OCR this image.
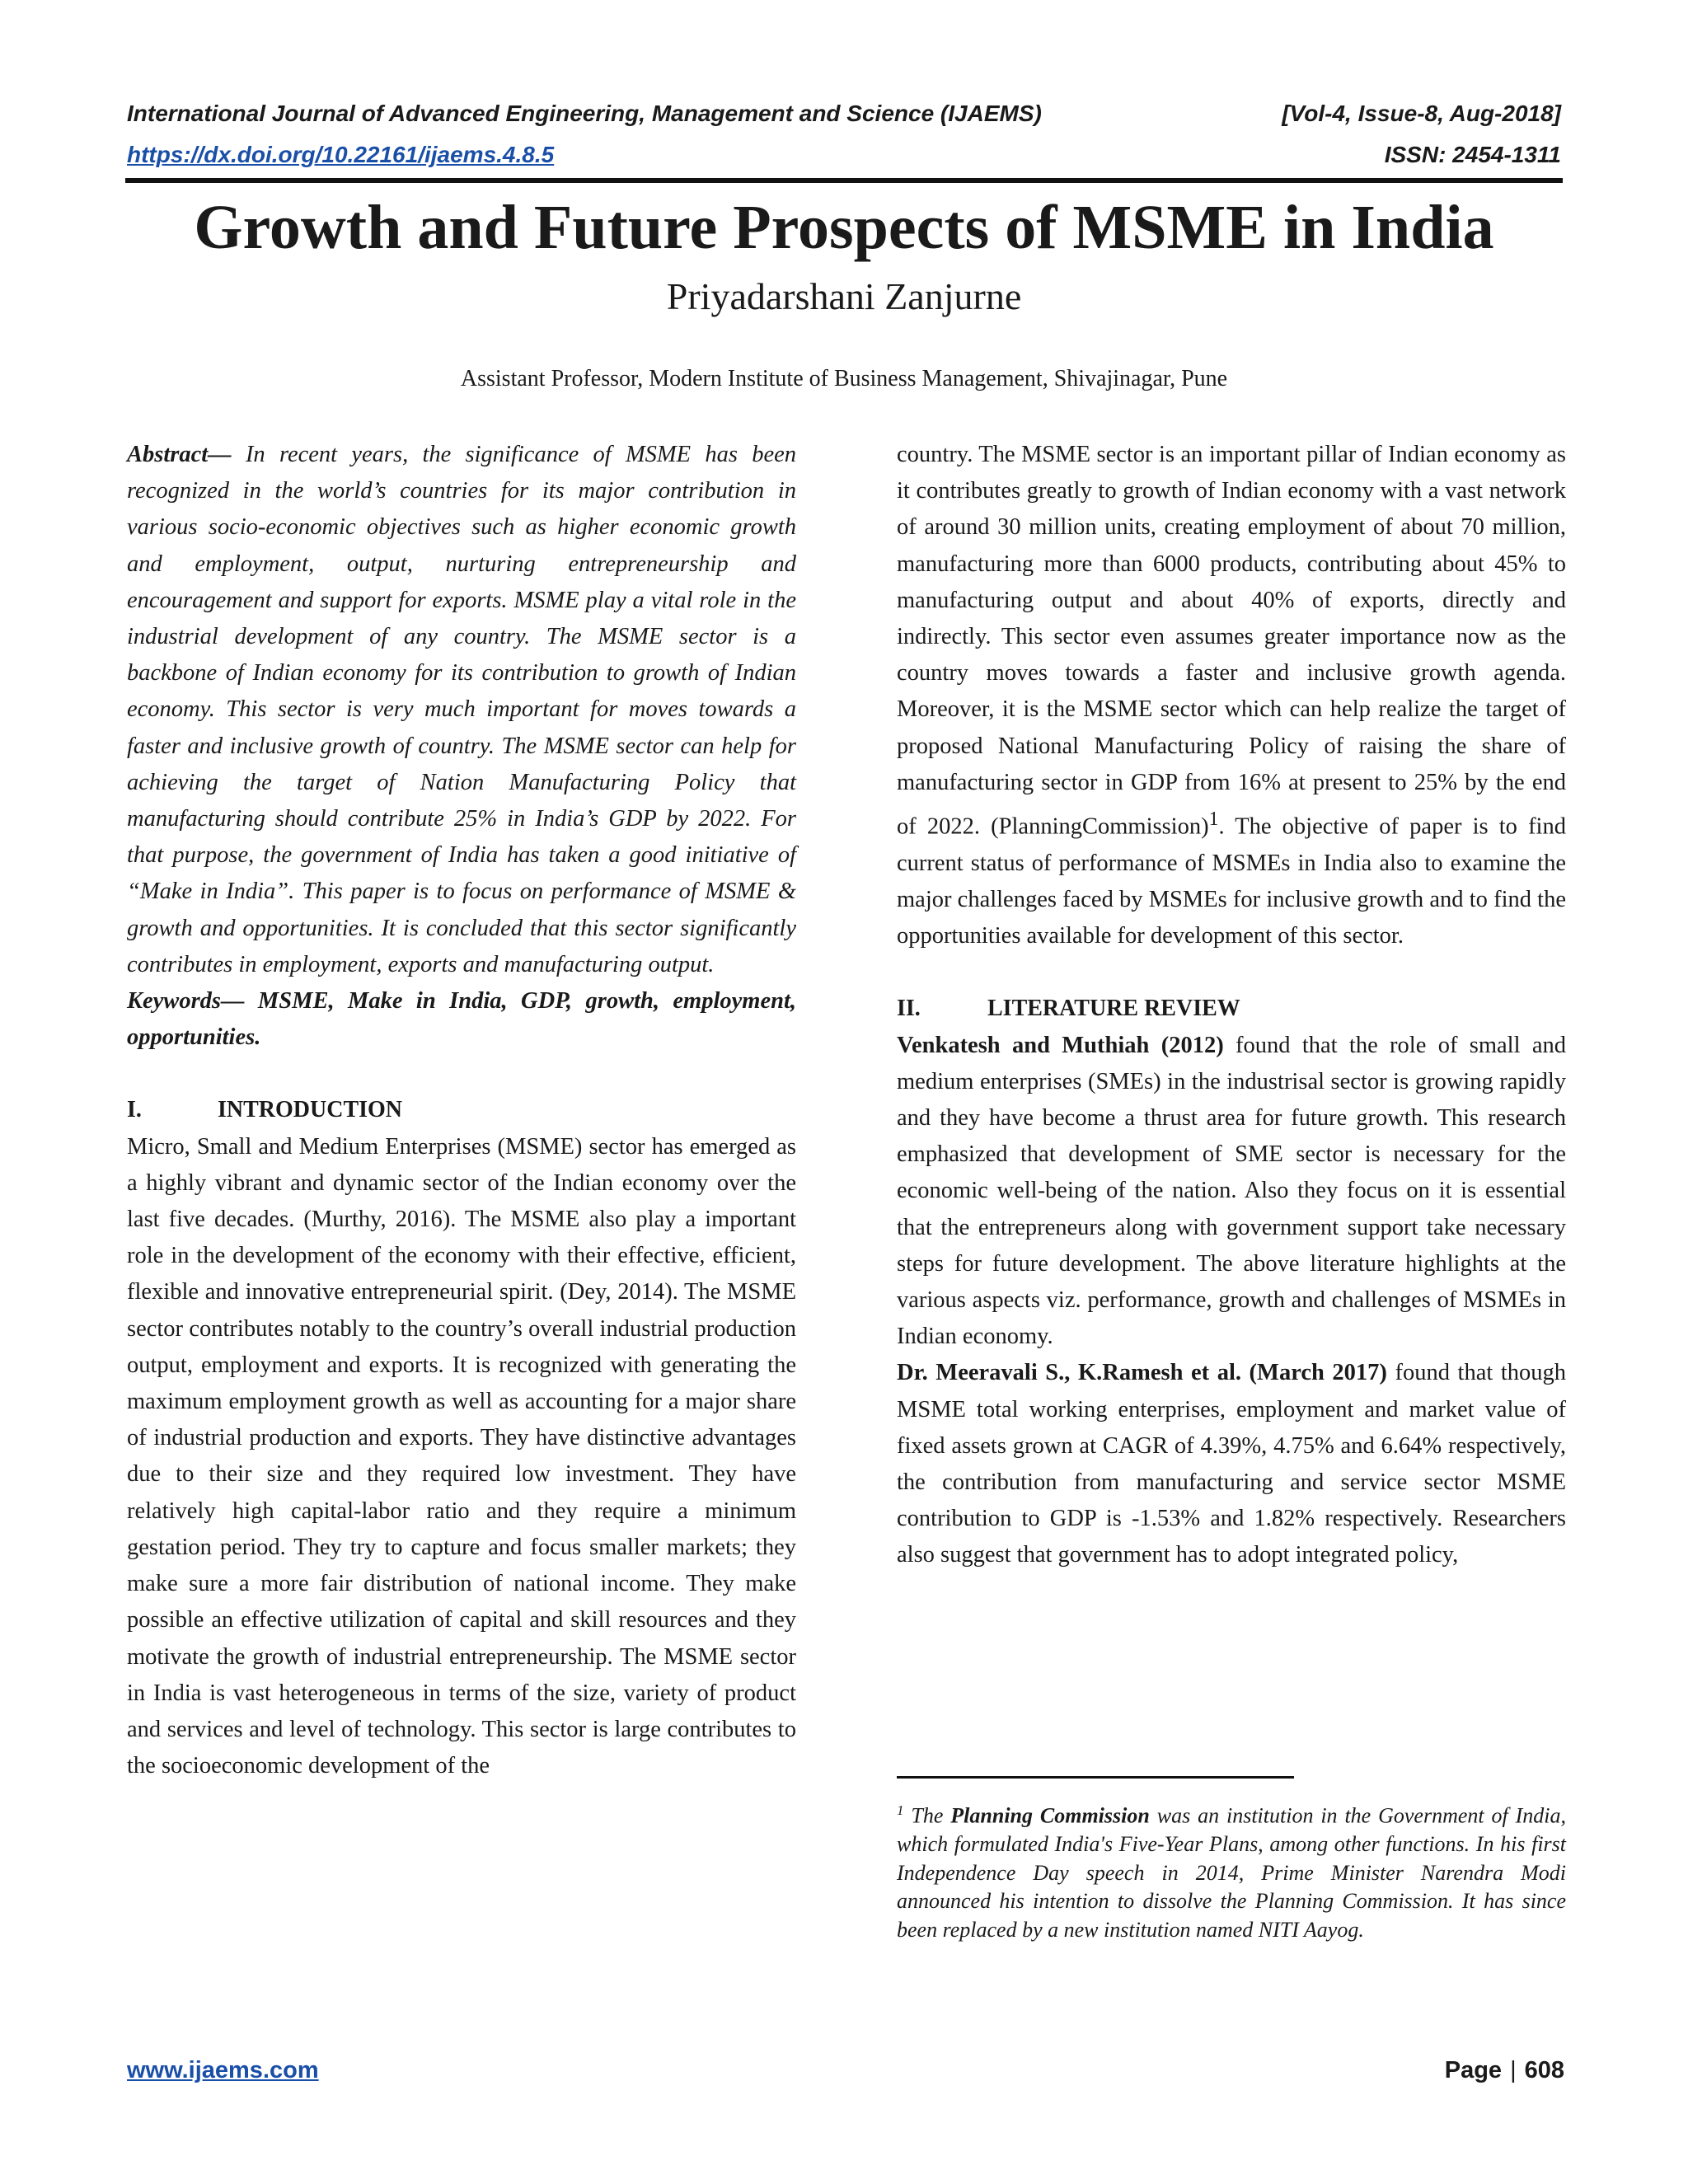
International Journal of Advanced Engineering, Management and Science (IJAEMS)	[Vol-4, Issue-8, Aug-2018]
https://dx.doi.org/10.22161/ijaems.4.8.5	ISSN: 2454-1311
Growth and Future Prospects of MSME in India
Priyadarshani Zanjurne
Assistant Professor, Modern Institute of Business Management, Shivajinagar, Pune

Abstract— In recent years, the significance of MSME has been recognized in the world’s countries for its major contribution in various socio-economic objectives such as higher economic growth and employment, output, nurturing entrepreneurship and encouragement and support for exports. MSME play a vital role in the industrial development of any country. The MSME sector is a backbone of Indian economy for its contribution to growth of Indian economy. This sector is very much important for moves towards a faster and inclusive growth of country. The MSME sector can help for achieving the target of Nation Manufacturing Policy that manufacturing should contribute 25% in India’s GDP by 2022. For that purpose, the government of India has taken a good initiative of “Make in India”. This paper is to focus on performance of MSME & growth and opportunities. It is concluded that this sector significantly contributes in employment, exports and manufacturing output.

Keywords— MSME, Make in India, GDP, growth, employment, opportunities.

I.	INTRODUCTION

Micro, Small and Medium Enterprises (MSME) sector has emerged as a highly vibrant and dynamic sector of the Indian economy over the last five decades. (Murthy, 2016). The MSME also play a important role in the development of the economy with their effective, efficient, flexible and innovative entrepreneurial spirit. (Dey, 2014). The MSME sector contributes notably to the country’s overall industrial production output, employment and exports. It is recognized with generating the maximum employment growth as well as accounting for a major share of industrial production and exports. They have distinctive advantages due to their size and they required low investment. They have relatively high capital-labor ratio and they require a minimum gestation period. They try to capture and focus smaller markets; they make sure a more fair distribution of national income. They make possible an effective utilization of capital and skill resources and they motivate the growth of industrial entrepreneurship. The MSME sector in India is vast heterogeneous in terms of the size, variety of product and services and level of technology. This sector is large contributes to the socioeconomic development of the

country. The MSME sector is an important pillar of Indian economy as it contributes greatly to growth of Indian economy with a vast network of around 30 million units, creating employment of about 70 million, manufacturing more than 6000 products, contributing about 45% to manufacturing output and about 40% of exports, directly and indirectly. This sector even assumes greater importance now as the country moves towards a faster and inclusive growth agenda. Moreover, it is the MSME sector which can help realize the target of proposed National Manufacturing Policy of raising the share of manufacturing sector in GDP from 16% at present to 25% by the end of 2022. (PlanningCommission)$^1$. The objective of paper is to find current status of performance of MSMEs in India also to examine the major challenges faced by MSMEs for inclusive growth and to find the opportunities available for development of this sector.

II.	LITERATURE REVIEW

Venkatesh and Muthiah (2012) found that the role of small and medium enterprises (SMEs) in the industrisal sector is growing rapidly and they have become a thrust area for future growth. This research emphasized that development of SME sector is necessary for the economic well-being of the nation. Also they focus on it is essential that the entrepreneurs along with government support take necessary steps for future development. The above literature highlights at the various aspects viz. performance, growth and challenges of MSMEs in Indian economy.

Dr. Meeravali S., K.Ramesh et al. (March 2017) found that though MSME total working enterprises, employment and market value of fixed assets grown at CAGR of 4.39%, 4.75% and 6.64% respectively, the contribution from manufacturing and service sector MSME contribution to GDP is -1.53% and 1.82% respectively. Researchers also suggest that government has to adopt integrated policy,

$^1$ The Planning Commission was an institution in the Government of India, which formulated India's Five-Year Plans, among other functions. In his first Independence Day speech in 2014, Prime Minister Narendra Modi announced his intention to dissolve the Planning Commission. It has since been replaced by a new institution named NITI Aayog.
www.ijaems.com	Page | 608
